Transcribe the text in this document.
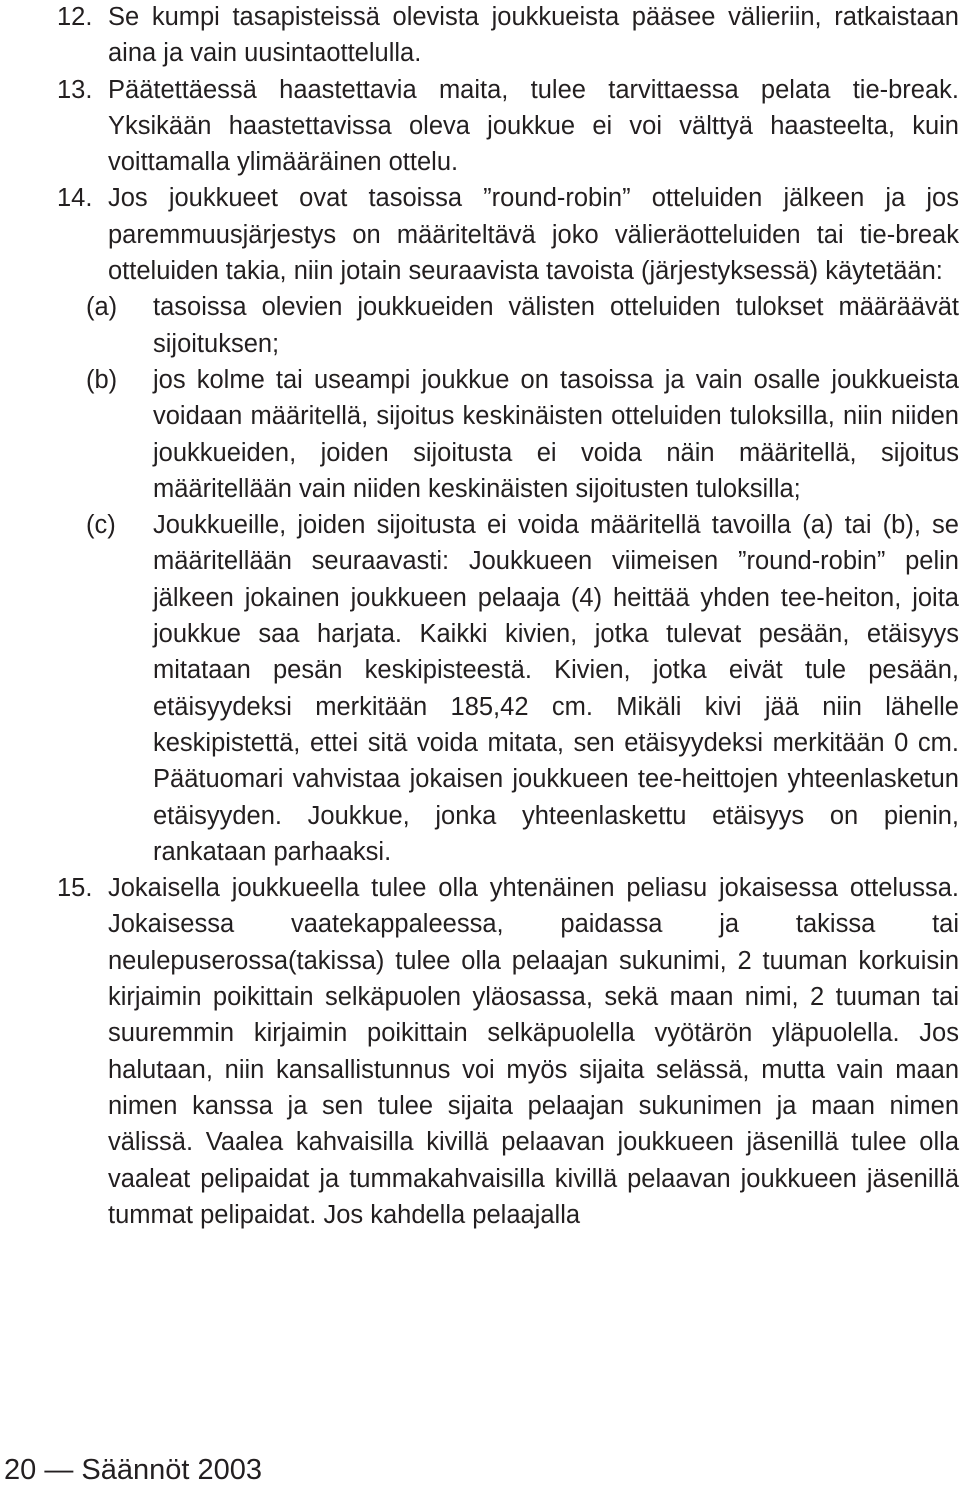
12. Se kumpi tasapisteissä olevista joukkueista pääsee välieriin, ratkaistaan aina ja vain uusintaottelulla.
13. Päätettäessä haastettavia maita, tulee tarvittaessa pelata tie-break. Yksikään haastettavissa oleva joukkue ei voi välttyä haasteelta, kuin voittamalla ylimääräinen ottelu.
14. Jos joukkueet ovat tasoissa ”round-robin” otteluiden jälkeen ja jos paremmuusjärjestys on määriteltävä joko välieräotteluiden tai tie-break otteluiden takia, niin jotain seuraavista tavoista (järjestyksessä) käytetään:
(a)	tasoissa olevien joukkueiden välisten otteluiden tulokset määräävät sijoituksen;
(b)	jos kolme tai useampi joukkue on tasoissa ja vain osalle joukkueista voidaan määritellä, sijoitus keskinäisten otteluiden tuloksilla, niin niiden joukkueiden, joiden sijoitusta ei voida näin määritellä, sijoitus määritellään vain niiden keskinäisten sijoitusten tuloksilla;
(c)	Joukkueille, joiden sijoitusta ei voida määritellä tavoilla (a) tai (b), se määritellään seuraavasti: Joukkueen viimeisen ”round-robin” pelin jälkeen jokainen joukkueen pelaaja (4) heittää yhden tee-heiton, joita joukkue saa harjata. Kaikki kivien, jotka tulevat pesään, etäisyys mitataan pesän keskipisteestä. Kivien, jotka eivät tule pesään, etäisyydeksi merkitään 185,42 cm. Mikäli kivi jää niin lähelle keskipistettä, ettei sitä voida mitata, sen etäisyydeksi merkitään 0 cm. Päätuomari vahvistaa jokaisen joukkueen tee-heittojen yhteenlasketun etäisyyden. Joukkue, jonka yhteenlaskettu etäisyys on pienin, rankataan parhaaksi.
15. Jokaisella joukkueella tulee olla yhtenäinen peliasu jokaisessa ottelussa. Jokaisessa vaatekappaleessa, paidassa ja takissa tai neulepuserossa(takissa) tulee olla pelaajan sukunimi, 2 tuuman korkuisin kirjaimin poikittain selkäpuolen yläosassa, sekä maan nimi, 2 tuuman tai suuremmin kirjaimin poikittain selkäpuolella vyötärön yläpuolella. Jos halutaan, niin kansallistunnus voi myös sijaita selässä, mutta vain maan nimen kanssa ja sen tulee sijaita pelaajan sukunimen ja maan nimen välissä. Vaalea kahvaisilla kivillä pelaavan joukkueen jäsenillä tulee olla vaaleat pelipaidat ja tummakahvaisilla kivillä pelaavan joukkueen jäsenillä tummat pelipaidat. Jos kahdella pelaajalla
20 — Säännöt 2003
